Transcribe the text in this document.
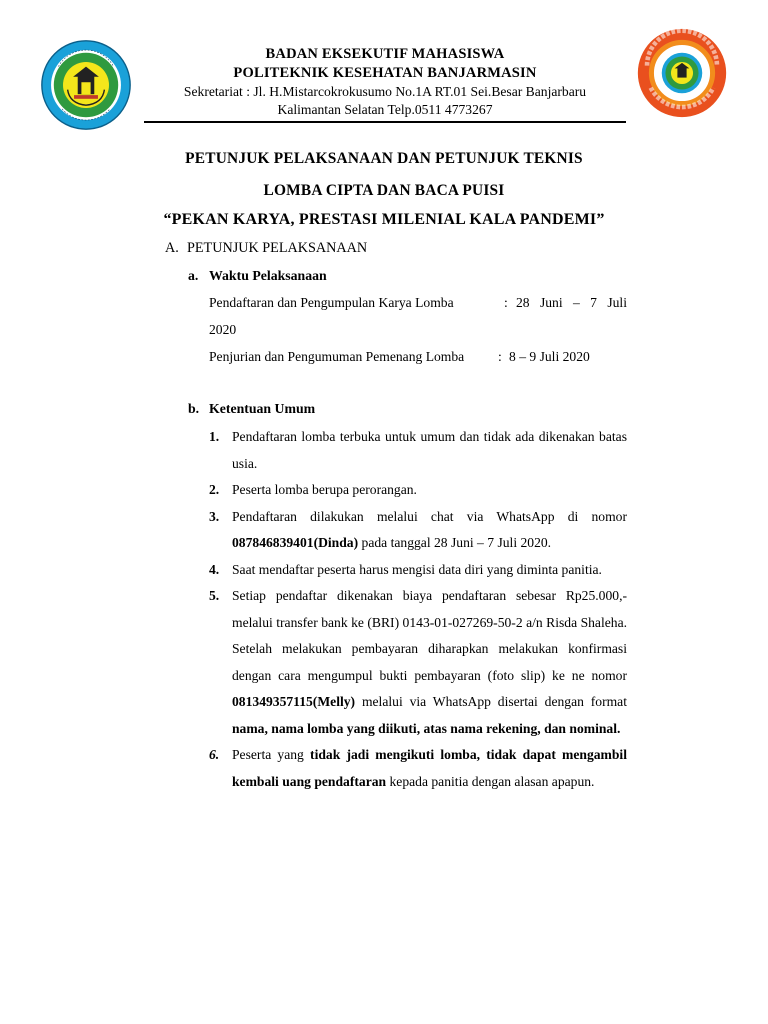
BADAN EKSEKUTIF MAHASISWA
POLITEKNIK KESEHATAN BANJARMASIN
Sekretariat : Jl. H.Mistarcokrokusumo No.1A RT.01 Sei.Besar Banjarbaru
Kalimantan Selatan Telp.0511 4773267
PETUNJUK PELAKSANAAN DAN PETUNJUK TEKNIS
LOMBA CIPTA DAN BACA PUISI
“PEKAN KARYA, PRESTASI MILENIAL KALA PANDEMI”
A. PETUNJUK PELAKSANAAN
a. Waktu Pelaksanaan
Pendaftaran dan Pengumpulan Karya Lomba	: 28  Juni  –  7  Juli
2020
Penjurian dan Pengumuman Pemenang Lomba : 8 – 9 Juli 2020
b. Ketentuan Umum
1. Pendaftaran lomba terbuka untuk umum dan tidak ada dikenakan batas usia.
2. Peserta lomba berupa perorangan.
3. Pendaftaran dilakukan melalui chat via WhatsApp di nomor 087846839401(Dinda) pada tanggal 28 Juni – 7 Juli 2020.
4. Saat mendaftar peserta harus mengisi data diri yang diminta panitia.
5. Setiap pendaftar dikenakan biaya pendaftaran sebesar Rp25.000,- melalui transfer bank ke (BRI) 0143-01-027269-50-2 a/n Risda Shaleha. Setelah melakukan pembayaran diharapkan melakukan konfirmasi dengan cara mengumpul bukti pembayaran (foto slip) ke ne nomor 081349357115(Melly) melalui via WhatsApp disertai dengan format nama, nama lomba yang diikuti, atas nama rekening, dan nominal.
6. Peserta yang tidak jadi mengikuti lomba, tidak dapat mengambil kembali uang pendaftaran kepada panitia dengan alasan apapun.
